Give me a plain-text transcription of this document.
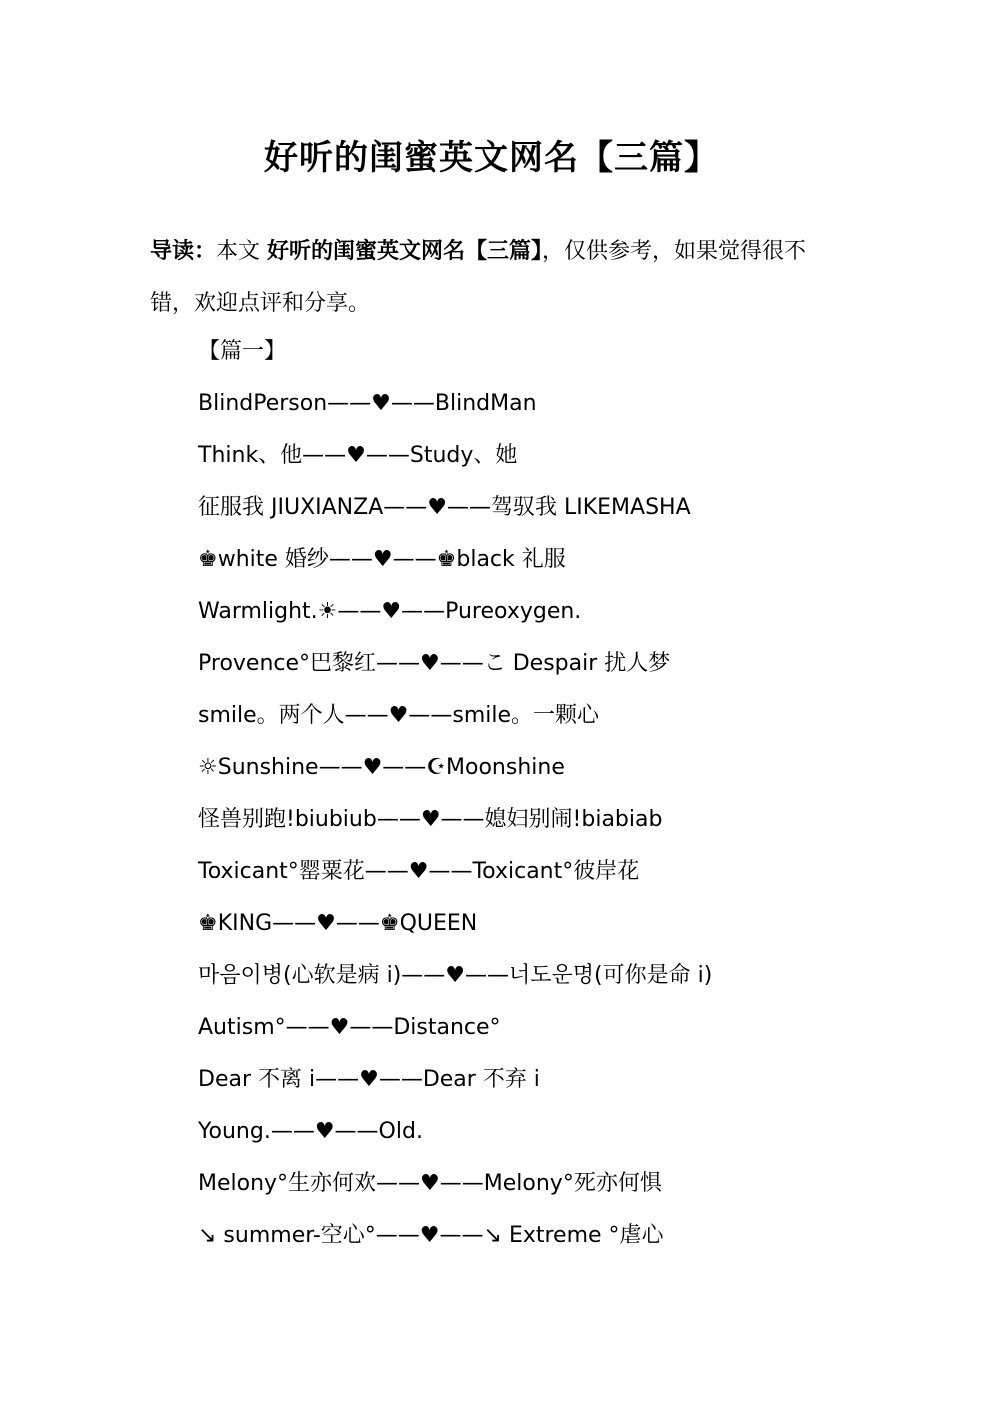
好听的闺蜜英文网名【三篇】
导读：本文 好听的闺蜜英文网名【三篇】，仅供参考，如果觉得很不错，欢迎点评和分享。
【篇一】
BlindPerson——♥——BlindMan
Think、他——♥——Study、她
征服我 JIUXIANZA——♥——驾驭我 LIKEMASHA
♚white 婚纱——♥——♚black 礼服
Warmlight.☀——♥——Pureoxygen.
Provence°巴黎红——♥——こ Despair 扰人梦
smile。两个人——♥——smile。一颗心
☼Sunshine——♥——☪Moonshine
怪兽别跑!biubiub——♥——媳妇别闹!biabiab
Toxicant°罂粟花——♥——Toxicant°彼岸花
♚KING——♥——♚QUEEN
마음이병(心软是病 i)——♥——너도운명(可你是命 i)
Autism°——♥——Distance°
Dear 不离 i——♥——Dear 不弃 i
Young.——♥——Old.
Melony°生亦何欢——♥——Melony°死亦何惧
↘ summer-空心°——♥——↘ Extreme °虐心
